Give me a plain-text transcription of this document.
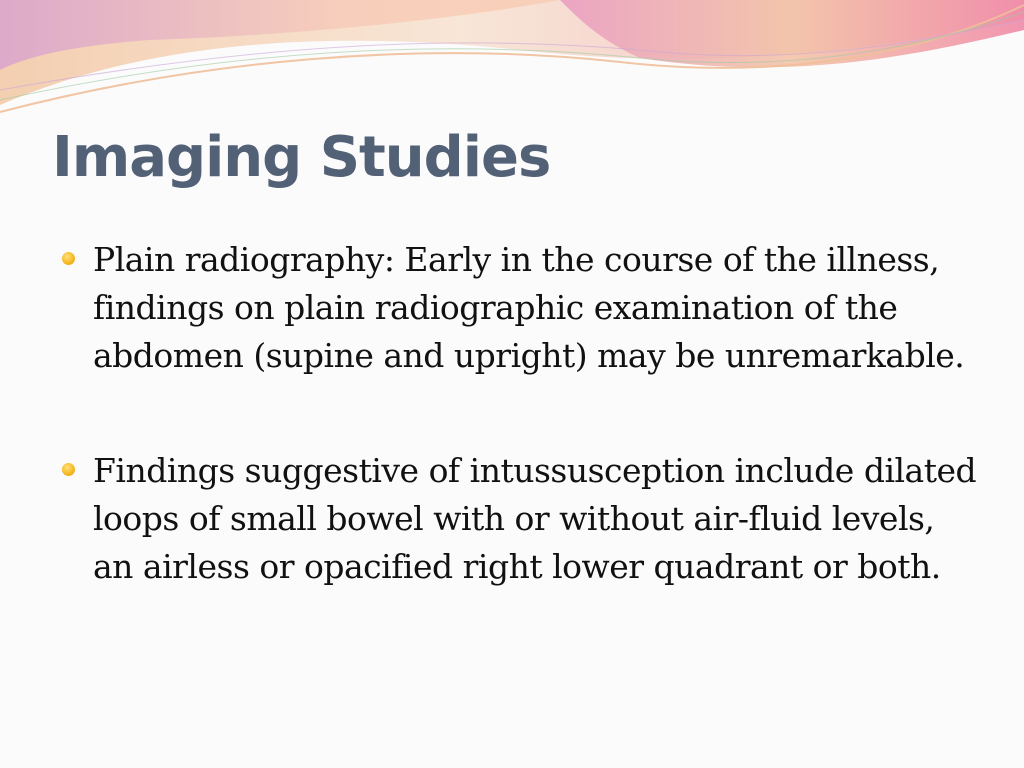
Imaging Studies
Plain radiography: Early in the course of the illness, findings on plain radiographic examination of the abdomen (supine and upright) may be unremarkable.
Findings suggestive of intussusception include dilated loops of small bowel with or without air-fluid levels, an airless or opacified right lower quadrant or both.
